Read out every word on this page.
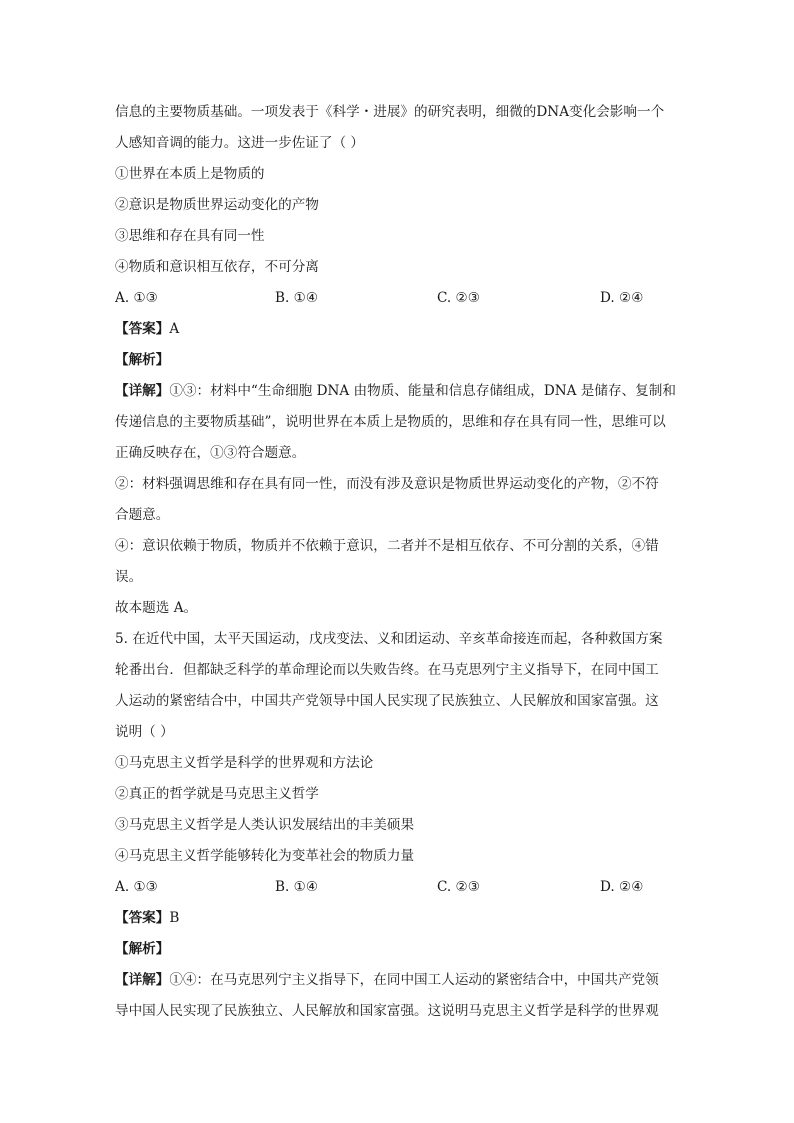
信息的主要物质基础。一项发表于《科学・进展》的研究表明，细微的DNA变化会影响一个
人感知音调的能力。这进一步佐证了（ ）
①世界在本质上是物质的
②意识是物质世界运动变化的产物
③思维和存在具有同一性
④物质和意识相互依存，不可分离
A. ①③	B. ①④	C. ②③	D. ②④
【答案】A
【解析】
【详解】①③：材料中“生命细胞 DNA 由物质、能量和信息存储组成，DNA 是储存、复制和
传递信息的主要物质基础”，说明世界在本质上是物质的，思维和存在具有同一性，思维可以
正确反映存在，①③符合题意。
②：材料强调思维和存在具有同一性，而没有涉及意识是物质世界运动变化的产物，②不符
合题意。
④：意识依赖于物质，物质并不依赖于意识，二者并不是相互依存、不可分割的关系，④错
误。
故本题选 A。
5. 在近代中国，太平天国运动，戊戌变法、义和团运动、辛亥革命接连而起，各种救国方案
轮番出台．但都缺乏科学的革命理论而以失败告终。在马克思列宁主义指导下，在同中国工
人运动的紧密结合中，中国共产党领导中国人民实现了民族独立、人民解放和国家富强。这
说明（ ）
①马克思主义哲学是科学的世界观和方法论
②真正的哲学就是马克思主义哲学
③马克思主义哲学是人类认识发展结出的丰美硕果
④马克思主义哲学能够转化为变革社会的物质力量
A. ①③	B. ①④	C. ②③	D. ②④
【答案】B
【解析】
【详解】①④：在马克思列宁主义指导下，在同中国工人运动的紧密结合中，中国共产党领
导中国人民实现了民族独立、人民解放和国家富强。这说明马克思主义哲学是科学的世界观
